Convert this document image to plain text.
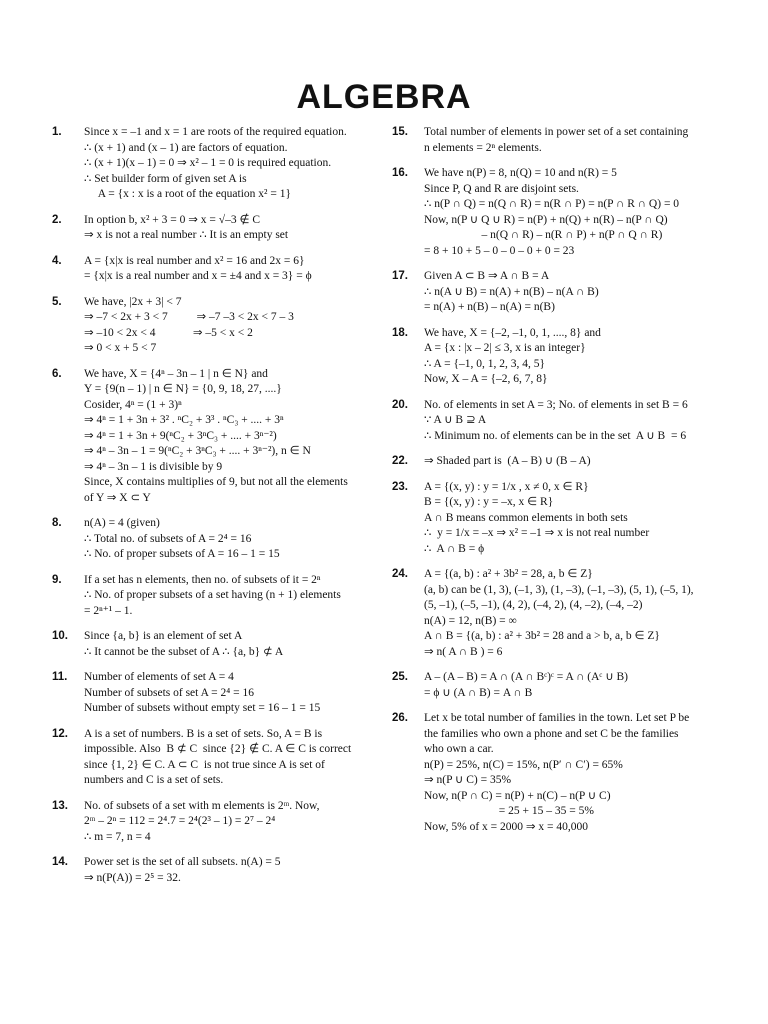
ALGEBRA
1. Since x = –1 and x = 1 are roots of the required equation.
∴ (x + 1) and (x – 1) are factors of equation.
∴ (x + 1)(x – 1) = 0 ⇒ x² – 1 = 0 is required equation.
∴ Set builder form of given set A is
A = {x : x is a root of the equation x² = 1}
2. In option b, x² + 3 = 0 ⇒ x = √–3 ∉ C
⇒ x is not a real number ∴ It is an empty set
4. A = {x|x is real number and x² = 16 and 2x = 6}
= {x|x is a real number and x = ±4 and x = 3} = ϕ
5. We have, |2x + 3| < 7
⇒ –7 < 2x + 3 < 7          ⇒ –7 –3 < 2x < 7 – 3
⇒ –10 < 2x < 4             ⇒ –5 < x < 2
⇒ 0 < x + 5 < 7
6. We have, X = {4ⁿ – 3n – 1 | n ∈ N} and
Y = {9(n – 1) | n ∈ N} = {0, 9, 18, 27, ....}
Cosider, 4ⁿ = (1 + 3)ⁿ
⇒ 4ⁿ = 1 + 3n + 3² . ⁿC₂ + 3³ . ⁿC₃ + .... + 3ⁿ
⇒ 4ⁿ = 1 + 3n + 9(ⁿC₂ + 3ⁿC₃ + .... + 3ⁿ⁻²)
⇒ 4ⁿ – 3n – 1 = 9(ⁿC₂ + 3ⁿC₃ + .... + 3ⁿ⁻²), n ∈ N
⇒ 4ⁿ – 3n – 1 is divisible by 9
Since, X contains multiplies of 9, but not all the elements
of Y ⇒ X ⊂ Y
8. n(A) = 4 (given)
∴ Total no. of subsets of A = 2⁴ = 16
∴ No. of proper subsets of A = 16 – 1 = 15
9. If a set has n elements, then no. of subsets of it = 2ⁿ
∴ No. of proper subsets of a set having (n + 1) elements
= 2ⁿ⁺¹ – 1.
10. Since {a, b} is an element of set A
∴ It cannot be the subset of A ∴ {a, b} ⊄ A
11. Number of elements of set A = 4
Number of subsets of set A = 2⁴ = 16
Number of subsets without empty set = 16 – 1 = 15
12. A is a set of numbers. B is a set of sets. So, A = B is
impossible. Also  B ⊄ C  since {2} ∉ C. A ∈ C is correct
since {1, 2} ∈ C. A ⊂ C  is not true since A is set of
numbers and C is a set of sets.
13. No. of subsets of a set with m elements is 2ᵐ. Now,
2ᵐ – 2ⁿ = 112 = 2⁴.7 = 2⁴(2³ – 1) = 2⁷ – 2⁴
∴ m = 7, n = 4
14. Power set is the set of all subsets. n(A) = 5
⇒ n(P(A)) = 2⁵ = 32.
15. Total number of elements in power set of a set containing
n elements = 2ⁿ elements.
16. We have n(P) = 8, n(Q) = 10 and n(R) = 5
Since P, Q and R are disjoint sets.
∴ n(P ∩ Q) = n(Q ∩ R) = n(R ∩ P) = n(P ∩ R ∩ Q) = 0
Now, n(P ∪ Q ∪ R) = n(P) + n(Q) + n(R) – n(P ∩ Q)
– n(Q ∩ R) – n(R ∩ P) + n(P ∩ Q ∩ R)
= 8 + 10 + 5 – 0 – 0 – 0 + 0 = 23
17. Given A ⊂ B ⇒ A ∩ B = A
∴ n(A ∪ B) = n(A) + n(B) – n(A ∩ B)
= n(A) + n(B) – n(A) = n(B)
18. We have, X = {–2, –1, 0, 1, ...., 8} and
A = {x : |x – 2| ≤ 3, x is an integer}
∴ A = {–1, 0, 1, 2, 3, 4, 5}
Now, X – A = {–2, 6, 7, 8}
20. No. of elements in set A = 3; No. of elements in set B = 6
∵ A ∪ B ⊇ A
∴ Minimum no. of elements can be in the set  A ∪ B  = 6
22. ⇒ Shaded part is  (A – B) ∪ (B – A)
23. A = {(x, y) : y = 1/x , x ≠ 0, x ∈ R}
B = {(x, y) : y = –x, x ∈ R}
A ∩ B means common elements in both sets
∴  y = 1/x = –x ⇒ x² = –1 ⇒ x is not real number
∴  A ∩ B = ϕ
24. A = {(a, b) : a² + 3b² = 28, a, b ∈ Z}
(a, b) can be (1, 3), (–1, 3), (1, –3), (–1, –3), (5, 1), (–5, 1),
(5, –1), (–5, –1), (4, 2), (–4, 2), (4, –2), (–4, –2)
n(A) = 12, n(B) = ∞
A ∩ B = {(a, b) : a² + 3b² = 28 and a > b, a, b ∈ Z}
⇒ n( A ∩ B ) = 6
25. A – (A – B) = A ∩ (A ∩ Bᶜ)ᶜ = A ∩ (Aᶜ ∪ B)
= ϕ ∪ (A ∩ B) = A ∩ B
26. Let x be total number of families in the town. Let set P be
the families who own a phone and set C be the families
who own a car.
n(P) = 25%, n(C) = 15%, n(P′ ∩ C′) = 65%
⇒ n(P ∪ C) = 35%
Now, n(P ∩ C) = n(P) + n(C) – n(P ∪ C)
= 25 + 15 – 35 = 5%
Now, 5% of x = 2000 ⇒ x = 40,000
